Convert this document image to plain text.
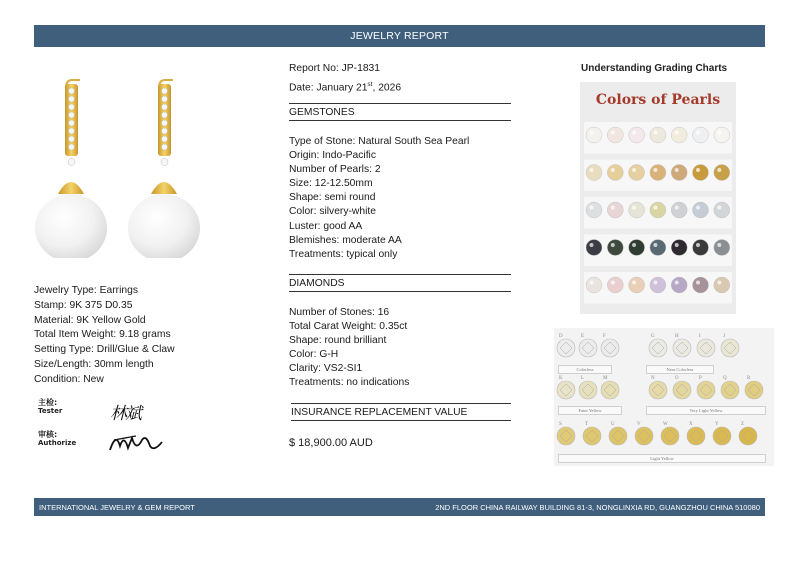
JEWELRY REPORT
Jewelry Type: Earrings
Stamp: 9K 375 D0.35
Material: 9K Yellow Gold
Total Item Weight: 9.18 grams
Setting Type: Drill/Glue & Claw
Size/Length: 30mm length
Condition: New
主检:
Tester
审核:
Authorize
林斌
Report No: JP-1831
Date: January 21st, 2026
GEMSTONES
Type of Stone: Natural South Sea Pearl
Origin: Indo-Pacific
Number of Pearls: 2
Size: 12-12.50mm
Shape: semi round
Color: silvery-white
Luster: good AA
Blemishes: moderate AA
Treatments: typical only
DIAMONDS
Number of Stones: 16
Total Carat Weight: 0.35ct
Shape: round brilliant
Color: G-H
Clarity: VS2-SI1
Treatments: no indications
INSURANCE REPLACEMENT VALUE
$ 18,900.00 AUD
Understanding Grading Charts
Colors of Pearls
D	E	F	G	H	I	J
K	L	M	N	O	P	Q	R
S	T	U	V	W	X	Y	Z
Colorless	Near Colorless
Faint Yellow	Very Light Yellow
Light Yellow
INTERNATIONAL JEWELRY & GEM REPORT	2ND FLOOR CHINA RAILWAY BUILDING 81-3, NONGLINXIA RD, GUANGZHOU CHINA 510080
